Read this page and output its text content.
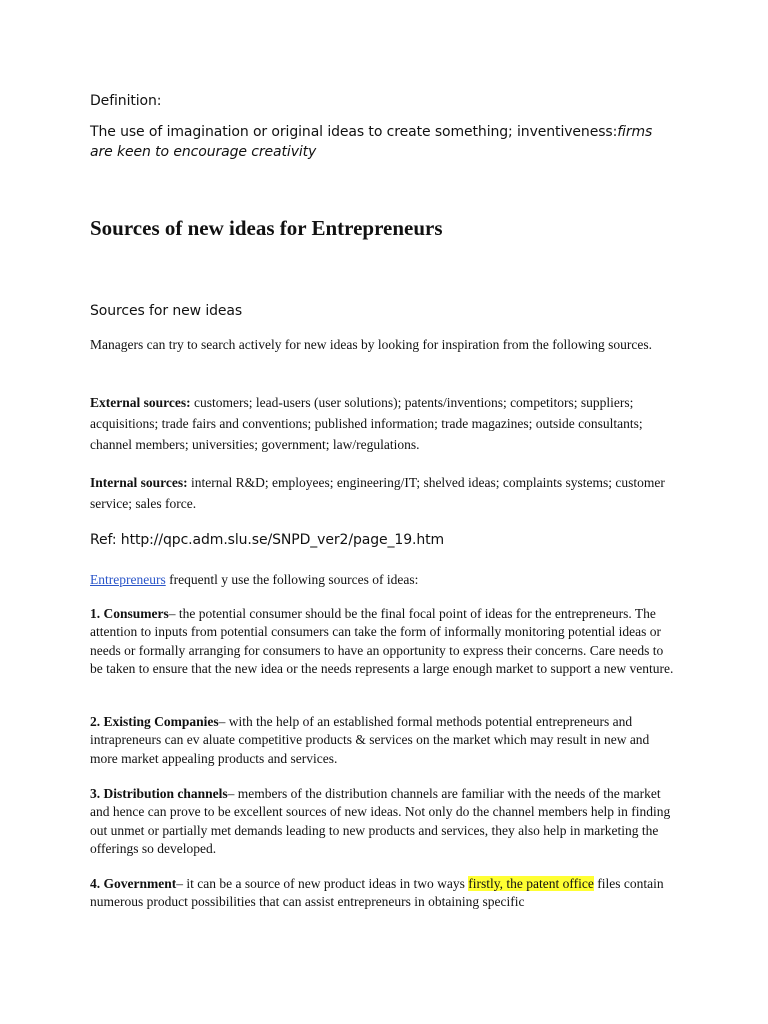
Definition:

The use of imagination or original ideas to create something; inventiveness:firms are keen to encourage creativity

Sources of new ideas for Entrepreneurs

Sources for new ideas

Managers can try to search actively for new ideas by looking for inspiration from the following sources.

External sources: customers; lead-users (user solutions); patents/inventions; competitors; suppliers; acquisitions; trade fairs and conventions; published information; trade magazines; outside consultants; channel members; universities; government; law/regulations.

Internal sources: internal R&D; employees; engineering/IT; shelved ideas; complaints systems; customer service; sales force.

Ref: http://qpc.adm.slu.se/SNPD_ver2/page_19.htm

Entrepreneurs frequentl y use the following sources of ideas:

1. Consumers– the potential consumer should be the final focal point of ideas for the entrepreneurs. The attention to inputs from potential consumers can take the form of informally monitoring potential ideas or needs or formally arranging for consumers to have an opportunity to express their concerns. Care needs to be taken to ensure that the new idea or the needs represents a large enough market to support a new venture.

2. Existing Companies– with the help of an established formal methods potential entrepreneurs and intrapreneurs can ev aluate competitive products & services on the market which may result in new and more market appealing products and services.

3. Distribution channels– members of the distribution channels are familiar with the needs of the market and hence can prove to be excellent sources of new ideas. Not only do the channel members help in finding out unmet or partially met demands leading to new products and services, they also help in marketing the offerings so developed.

4. Government– it can be a source of new product ideas in two ways firstly, the patent office files contain numerous product possibilities that can assist entrepreneurs in obtaining specific
